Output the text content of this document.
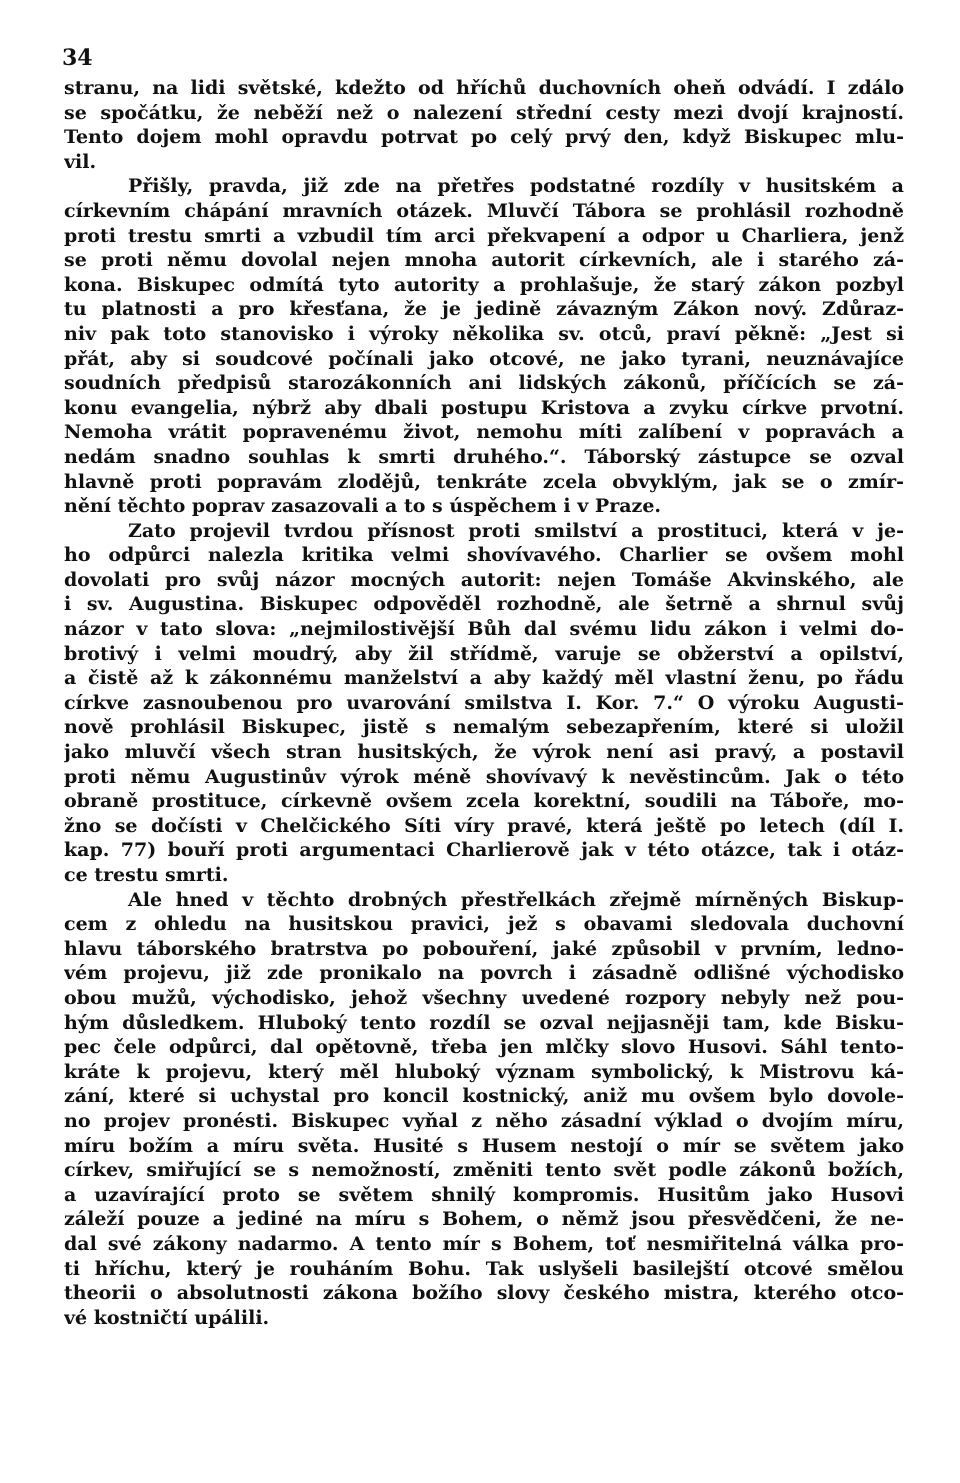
34
stranu, na lidi světské, kdežto od hříchů duchovních oheň odvádí. I zdálo
se spočátku, že neběží než o nalezení střední cesty mezi dvojí krajností.
Tento dojem mohl opravdu potrvat po celý prvý den, když Biskupec mlu-
vil.
Přišly, pravda, již zde na přetřes podstatné rozdíly v husitském a
církevním chápání mravních otázek. Mluvčí Tábora se prohlásil rozhodně
proti trestu smrti a vzbudil tím arci překvapení a odpor u Charliera, jenž
se proti němu dovolal nejen mnoha autorit církevních, ale i starého zá-
kona. Biskupec odmítá tyto autority a prohlašuje, že starý zákon pozbyl
tu platnosti a pro křesťana, že je jedině závazným Zákon nový. Zdůraz-
niv pak toto stanovisko i výroky několika sv. otců, praví pěkně: „Jest si
přát, aby si soudcové počínali jako otcové, ne jako tyrani, neuznávajíce
soudních předpisů starozákonních ani lidských zákonů, příčících se zá-
konu evangelia, nýbrž aby dbali postupu Kristova a zvyku církve prvotní.
Nemoha vrátit popravenému život, nemohu míti zalíbení v popravách a
nedám snadno souhlas k smrti druhého.“. Táborský zástupce se ozval
hlavně proti popravám zlodějů, tenkráte zcela obvyklým, jak se o zmír-
nění těchto poprav zasazovali a to s úspěchem i v Praze.
Zato projevil tvrdou přísnost proti smilství a prostituci, která v je-
ho odpůrci nalezla kritika velmi shovívavého. Charlier se ovšem mohl
dovolati pro svůj názor mocných autorit: nejen Tomáše Akvinského, ale
i sv. Augustina. Biskupec odpověděl rozhodně, ale šetrně a shrnul svůj
názor v tato slova: „nejmilostivější Bůh dal svému lidu zákon i velmi do-
brotivý i velmi moudrý, aby žil střídmě, varuje se obžerství a opilství,
a čistě až k zákonnému manželství a aby každý měl vlastní ženu, po řádu
církve zasnoubenou pro uvarování smilstva I. Kor. 7.“ O výroku Augusti-
nově prohlásil Biskupec, jistě s nemalým sebezapřením, které si uložil
jako mluvčí všech stran husitských, že výrok není asi pravý, a postavil
proti němu Augustinův výrok méně shovívavý k nevěstincům. Jak o této
obraně prostituce, církevně ovšem zcela korektní, soudili na Táboře, mo-
žno se dočísti v Chelčického Síti víry pravé, která ještě po letech (díl I.
kap. 77) bouří proti argumentaci Charlierově jak v této otázce, tak i otáz-
ce trestu smrti.
Ale hned v těchto drobných přestřelkách zřejmě mírněných Biskup-
cem z ohledu na husitskou pravici, jež s obavami sledovala duchovní
hlavu táborského bratrstva po pobouření, jaké způsobil v prvním, ledno-
vém projevu, již zde pronikalo na povrch i zásadně odlišné východisko
obou mužů, východisko, jehož všechny uvedené rozpory nebyly než pou-
hým důsledkem. Hluboký tento rozdíl se ozval nejjasněji tam, kde Bisku-
pec čele odpůrci, dal opětovně, třeba jen mlčky slovo Husovi. Sáhl tento-
kráte k projevu, který měl hluboký význam symbolický, k Mistrovu ká-
zání, které si uchystal pro koncil kostnický, aniž mu ovšem bylo dovole-
no projev pronésti. Biskupec vyňal z něho zásadní výklad o dvojím míru,
míru božím a míru světa. Husité s Husem nestojí o mír se světem jako
církev, smiřující se s nemožností, změniti tento svět podle zákonů božích,
a uzavírající proto se světem shnilý kompromis. Husitům jako Husovi
záleží pouze a jediné na míru s Bohem, o němž jsou přesvědčeni, že ne-
dal své zákony nadarmo. A tento mír s Bohem, toť nesmiřitelná válka pro-
ti hříchu, který je rouháním Bohu. Tak uslyšeli basilejští otcové smělou
theorii o absolutnosti zákona božího slovy českého mistra, kterého otco-
vé kostničtí upálili.
